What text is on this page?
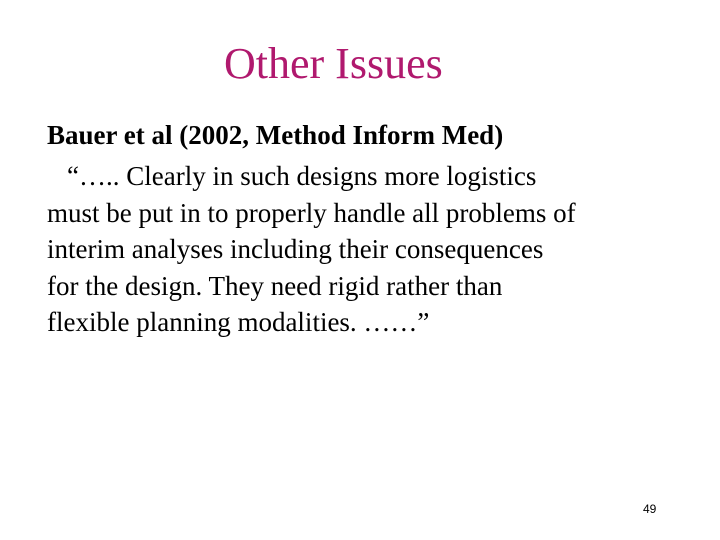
Other Issues
Bauer et al (2002, Method Inform Med)
“….. Clearly in such designs more logistics
must be put in to properly handle all problems of
interim analyses including their consequences
for the design. They need rigid rather than
flexible planning modalities. ……”
49
